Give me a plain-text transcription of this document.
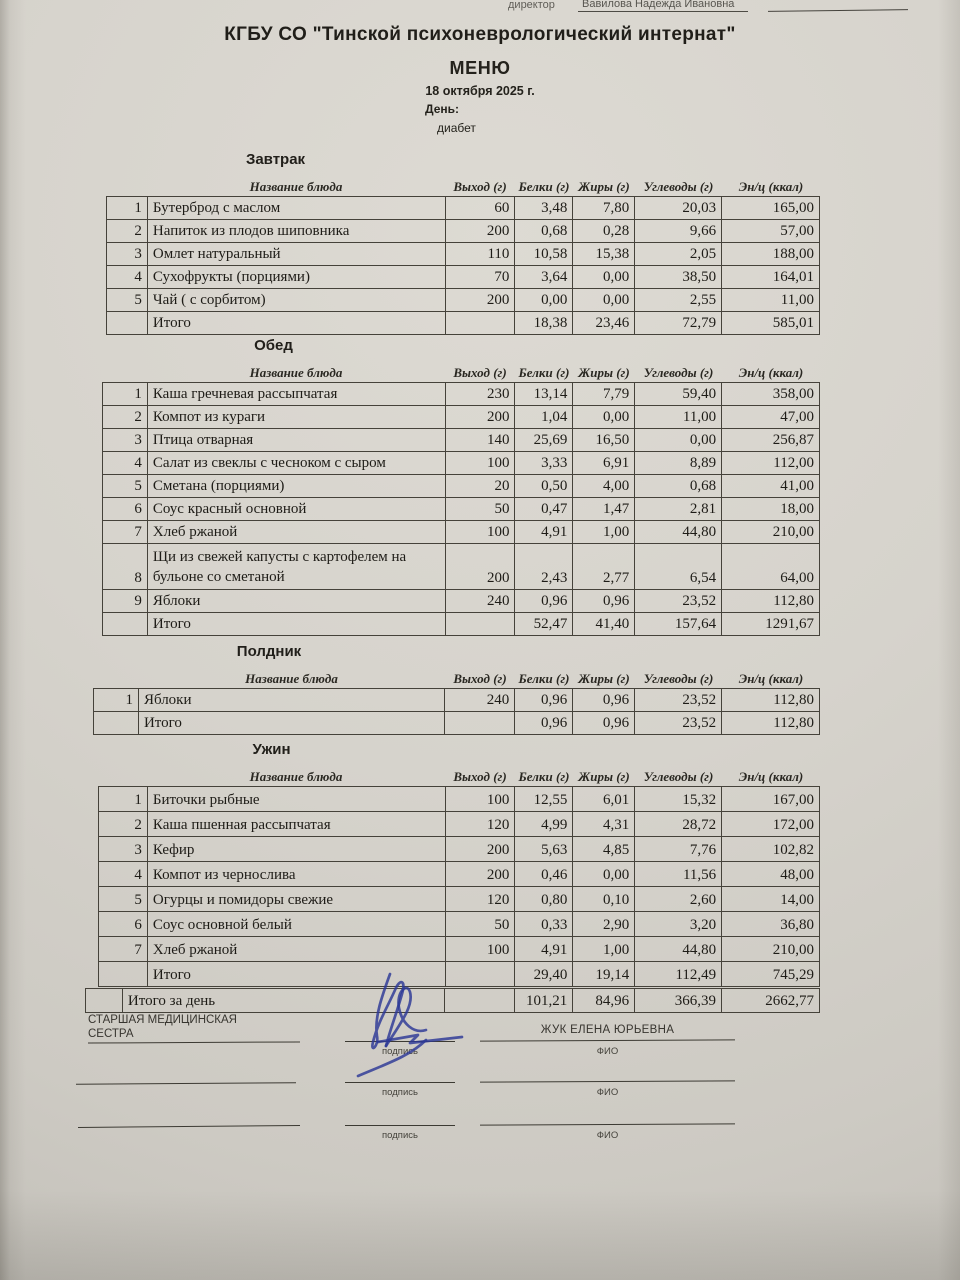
директор	Вавилова Надежда Ивановна
КГБУ СО "Тинской психоневрологический интернат"
МЕНЮ
18 октября 2025 г.
День:
диабет
Завтрак
Название блюда	Выход (г) Белки (г) Жиры (г)	Углеводы (г)	Эн/ц (ккал)
1	Бутерброд с маслом	60	3,48	7,80	20,03	165,00
2	Напиток из плодов шиповника	200	0,68	0,28	9,66	57,00
3	Омлет натуральный	110	10,58	15,38	2,05	188,00
4	Сухофрукты (порциями)	70	3,64	0,00	38,50	164,01
5	Чай ( с сорбитом)	200	0,00	0,00	2,55	11,00
	Итого		18,38	23,46	72,79	585,01
Обед
Название блюда	Выход (г) Белки (г) Жиры (г)	Углеводы (г)	Эн/ц (ккал)
1	Каша гречневая рассыпчатая	230	13,14	7,79	59,40	358,00
2	Компот из кураги	200	1,04	0,00	11,00	47,00
3	Птица отварная	140	25,69	16,50	0,00	256,87
4	Салат из свеклы с чесноком с сыром	100	3,33	6,91	8,89	112,00
5	Сметана (порциями)	20	0,50	4,00	0,68	41,00
6	Соус красный основной	50	0,47	1,47	2,81	18,00
7	Хлеб ржаной	100	4,91	1,00	44,80	210,00
8	Щи из свежей капусты с картофелем на бульоне со сметаной	200	2,43	2,77	6,54	64,00
9	Яблоки	240	0,96	0,96	23,52	112,80
	Итого		52,47	41,40	157,64	1291,67
Полдник
Название блюда	Выход (г) Белки (г) Жиры (г)	Углеводы (г)	Эн/ц (ккал)
1	Яблоки	240	0,96	0,96	23,52	112,80
	Итого		0,96	0,96	23,52	112,80
Ужин
Название блюда	Выход (г) Белки (г) Жиры (г)	Углеводы (г)	Эн/ц (ккал)
1	Биточки рыбные	100	12,55	6,01	15,32	167,00
2	Каша пшенная рассыпчатая	120	4,99	4,31	28,72	172,00
3	Кефир	200	5,63	4,85	7,76	102,82
4	Компот из чернослива	200	0,46	0,00	11,56	48,00
5	Огурцы и помидоры свежие	120	0,80	0,10	2,60	14,00
6	Соус основной белый	50	0,33	2,90	3,20	36,80
7	Хлеб ржаной	100	4,91	1,00	44,80	210,00
	Итого		29,40	19,14	112,49	745,29
	Итого за день		101,21	84,96	366,39	2662,77
СТАРШАЯ МЕДИЦИНСКАЯ СЕСТРА	ЖУК ЕЛЕНА ЮРЬЕВНА
подпись	ФИО
подпись	ФИО
подпись	ФИО
